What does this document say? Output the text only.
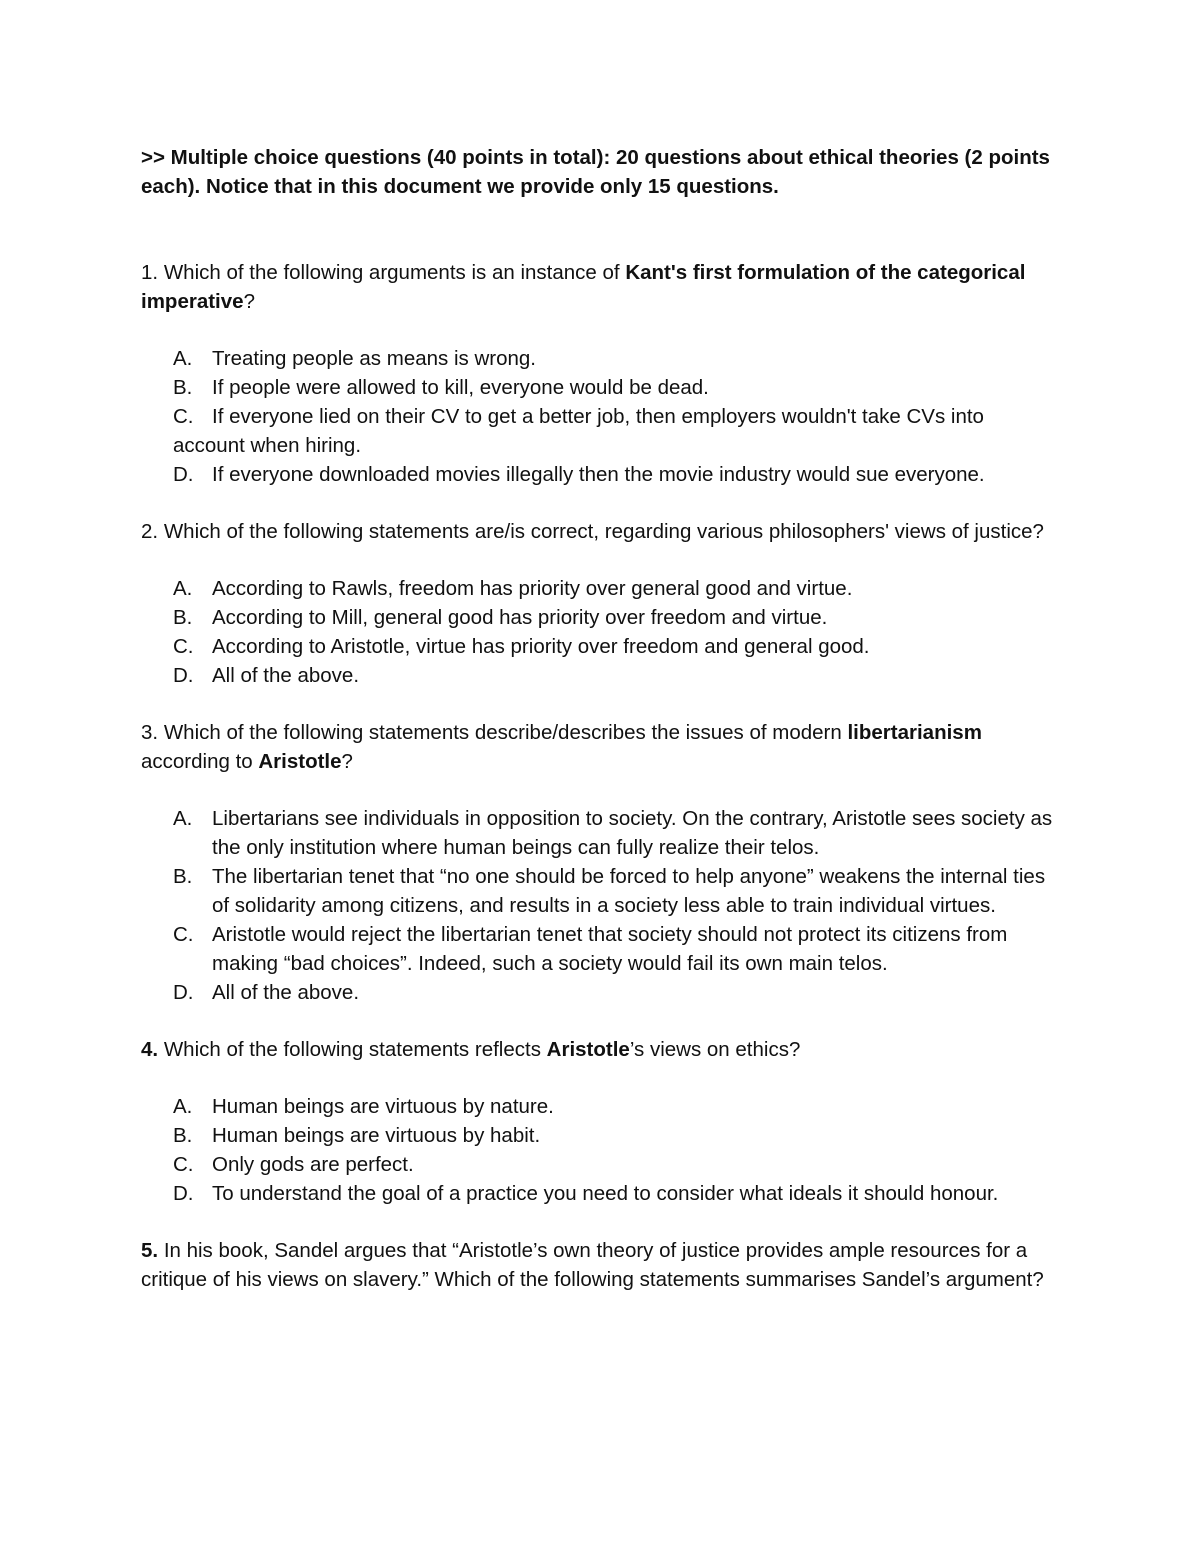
>> Multiple choice questions (40 points in total): 20 questions about ethical theories (2 points each). Notice that in this document we provide only 15 questions.

1. Which of the following arguments is an instance of Kant's first formulation of the categorical imperative?

A. Treating people as means is wrong.
B. If people were allowed to kill, everyone would be dead.
C. If everyone lied on their CV to get a better job, then employers wouldn't take CVs into account when hiring.
D. If everyone downloaded movies illegally then the movie industry would sue everyone.

2. Which of the following statements are/is correct, regarding various philosophers' views of justice?

A. According to Rawls, freedom has priority over general good and virtue.
B. According to Mill, general good has priority over freedom and virtue.
C. According to Aristotle, virtue has priority over freedom and general good.
D. All of the above.

3. Which of the following statements describe/describes the issues of modern libertarianism according to Aristotle?

A. Libertarians see individuals in opposition to society. On the contrary, Aristotle sees society as the only institution where human beings can fully realize their telos.
B. The libertarian tenet that “no one should be forced to help anyone” weakens the internal ties of solidarity among citizens, and results in a society less able to train individual virtues.
C. Aristotle would reject the libertarian tenet that society should not protect its citizens from making “bad choices”. Indeed, such a society would fail its own main telos.
D. All of the above.

4. Which of the following statements reflects Aristotle’s views on ethics?

A. Human beings are virtuous by nature.
B. Human beings are virtuous by habit.
C. Only gods are perfect.
D. To understand the goal of a practice you need to consider what ideals it should honour.

5. In his book, Sandel argues that “Aristotle’s own theory of justice provides ample resources for a critique of his views on slavery.” Which of the following statements summarises Sandel’s argument?
